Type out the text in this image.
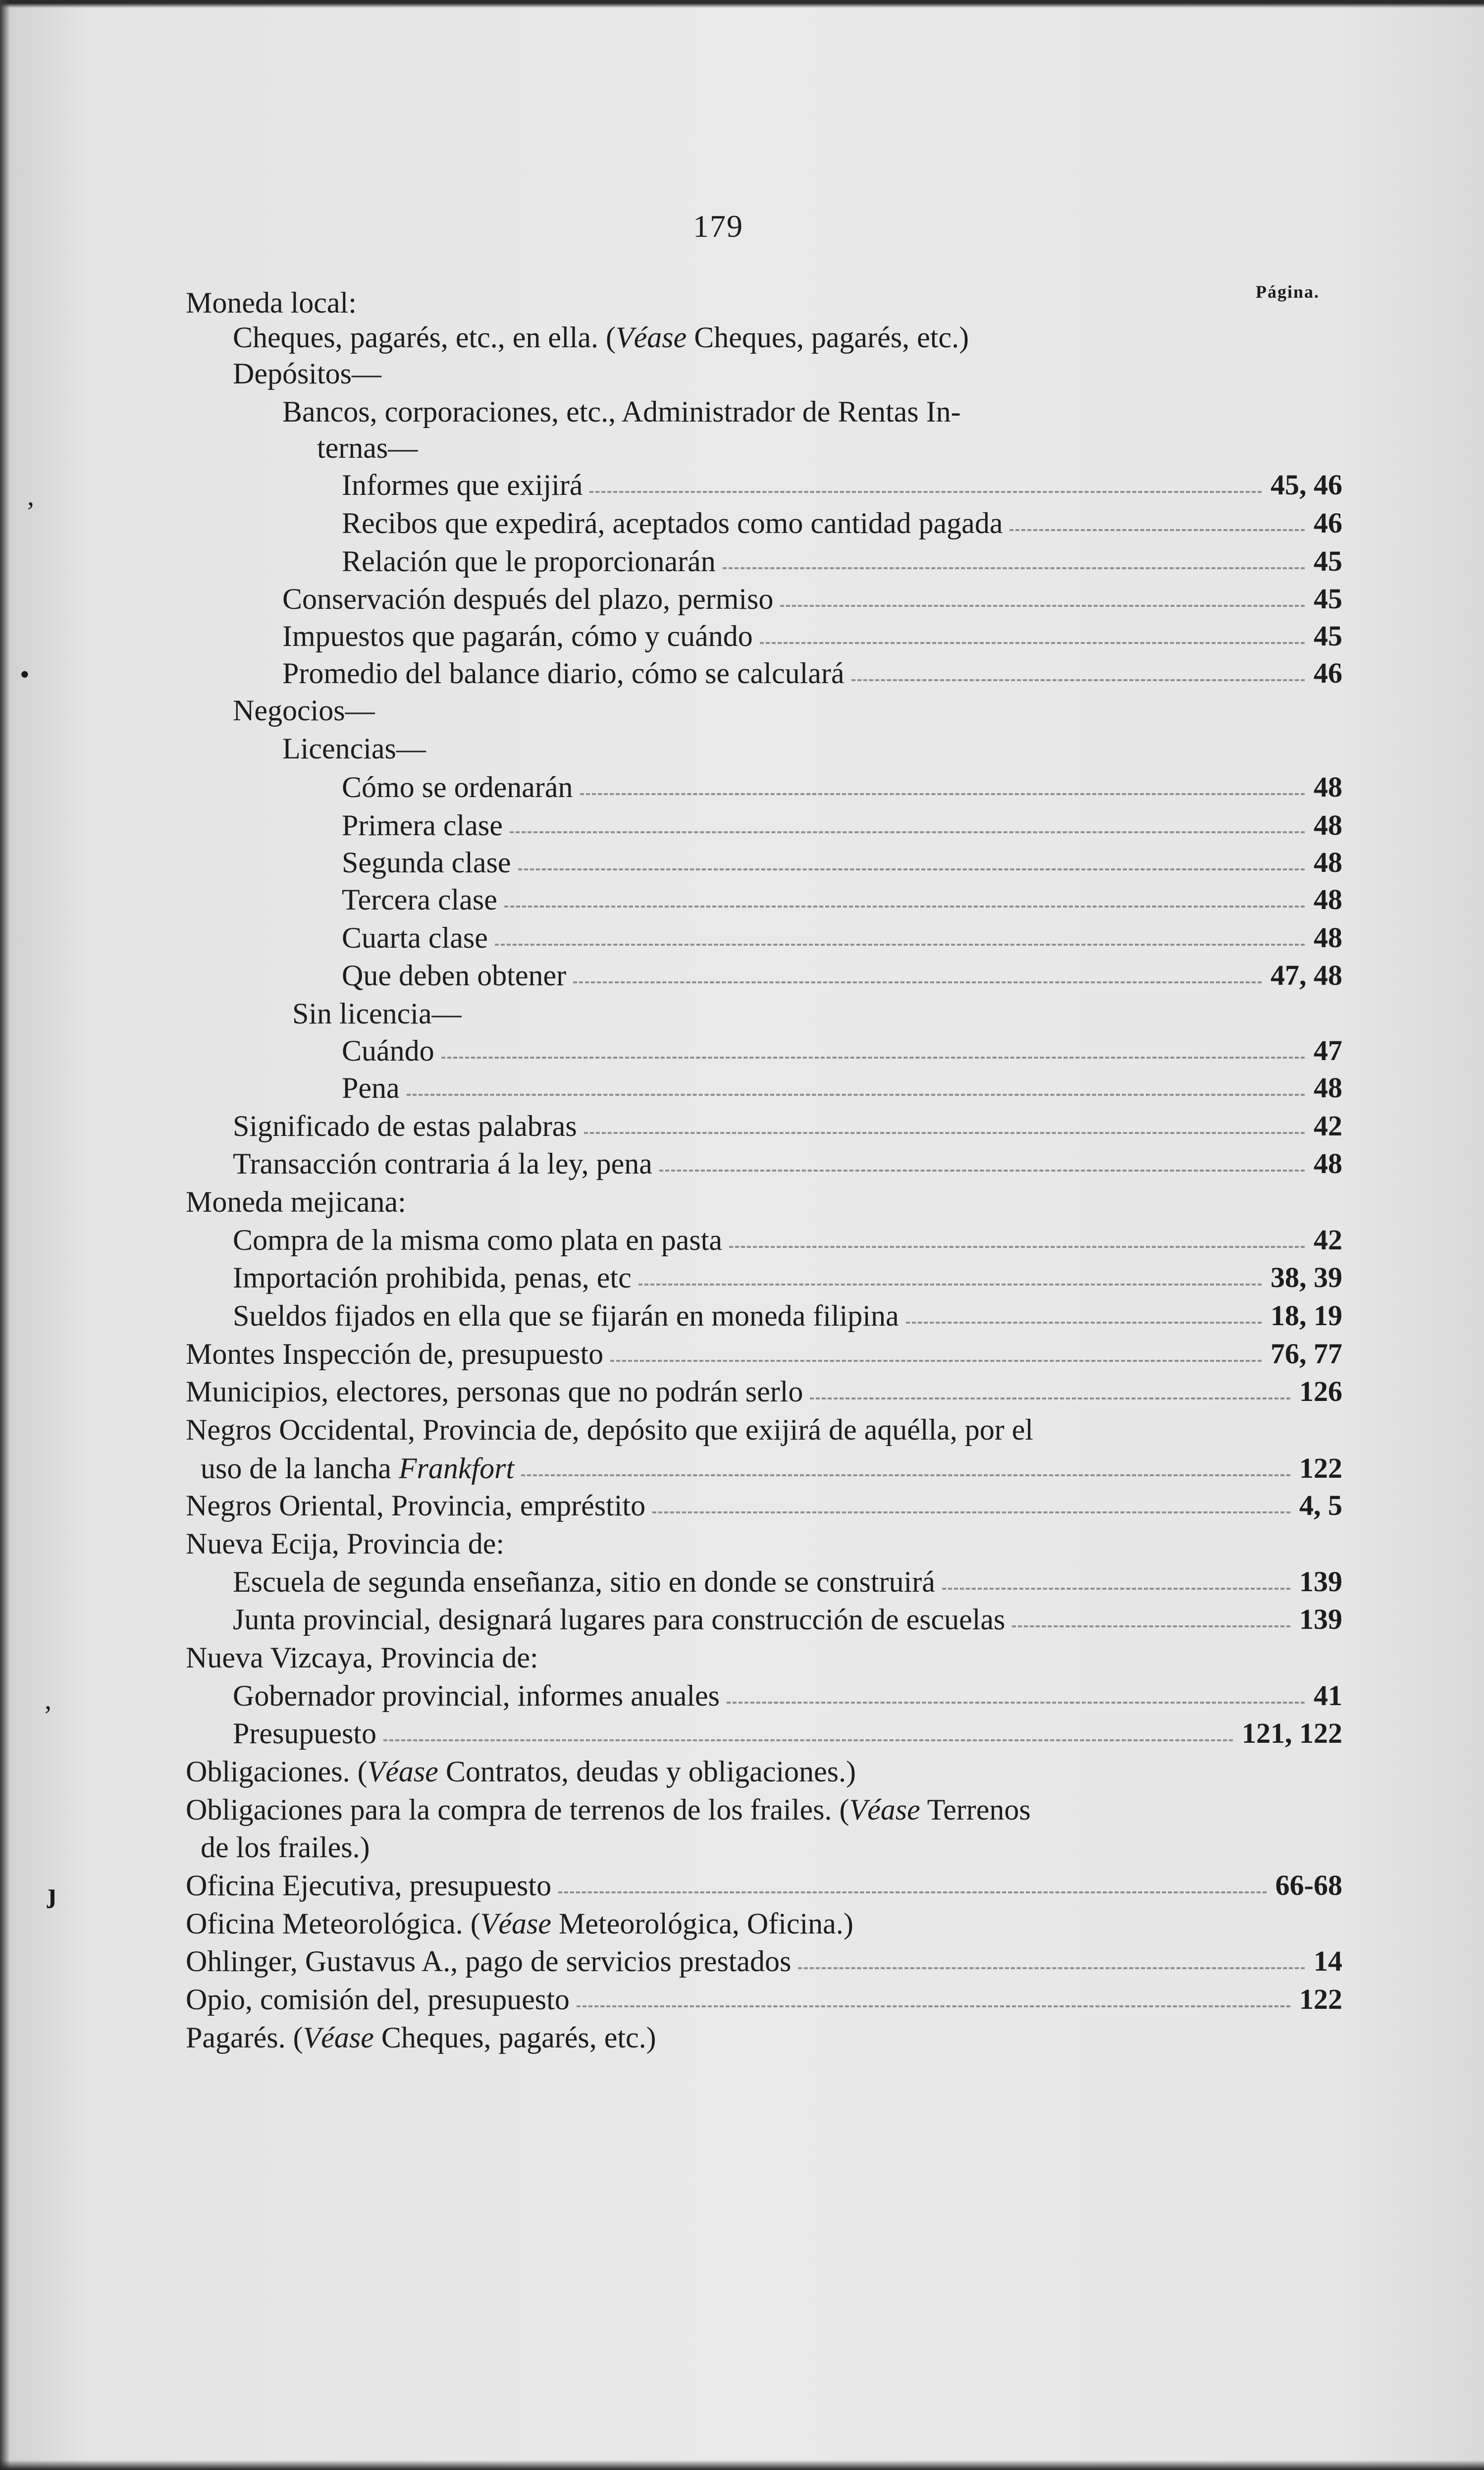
179
Página.
,
•
,
ȷ
Moneda local:
Cheques, pagarés, etc., en ella. (Véase Cheques, pagarés, etc.)
Depósitos—
Bancos, corporaciones, etc., Administrador de Rentas In-
ternas—
Informes que exijirá	45, 46
Recibos que expedirá, aceptados como cantidad pagada	46
Relación que le proporcionarán	45
Conservación después del plazo, permiso	45
Impuestos que pagarán, cómo y cuándo	45
Promedio del balance diario, cómo se calculará	46
Negocios—
Licencias—
Cómo se ordenarán	48
Primera clase	48
Segunda clase	48
Tercera clase	48
Cuarta clase	48
Que deben obtener	47, 48
Sin licencia—
Cuándo	47
Pena	48
Significado de estas palabras	42
Transacción contraria á la ley, pena	48
Moneda mejicana:
Compra de la misma como plata en pasta	42
Importación prohibida, penas, etc	38, 39
Sueldos fijados en ella que se fijarán en moneda filipina	18, 19
Montes Inspección de, presupuesto	76, 77
Municipios, electores, personas que no podrán serlo	126
Negros Occidental, Provincia de, depósito que exijirá de aquélla, por el
uso de la lancha Frankfort	122
Negros Oriental, Provincia, empréstito	4, 5
Nueva Ecija, Provincia de:
Escuela de segunda enseñanza, sitio en donde se construirá	139
Junta provincial, designará lugares para construcción de escuelas	139
Nueva Vizcaya, Provincia de:
Gobernador provincial, informes anuales	41
Presupuesto	121, 122
Obligaciones. (Véase Contratos, deudas y obligaciones.)
Obligaciones para la compra de terrenos de los frailes. (Véase Terrenos
de los frailes.)
Oficina Ejecutiva, presupuesto	66-68
Oficina Meteorológica. (Véase Meteorológica, Oficina.)
Ohlinger, Gustavus A., pago de servicios prestados	14
Opio, comisión del, presupuesto	122
Pagarés. (Véase Cheques, pagarés, etc.)
